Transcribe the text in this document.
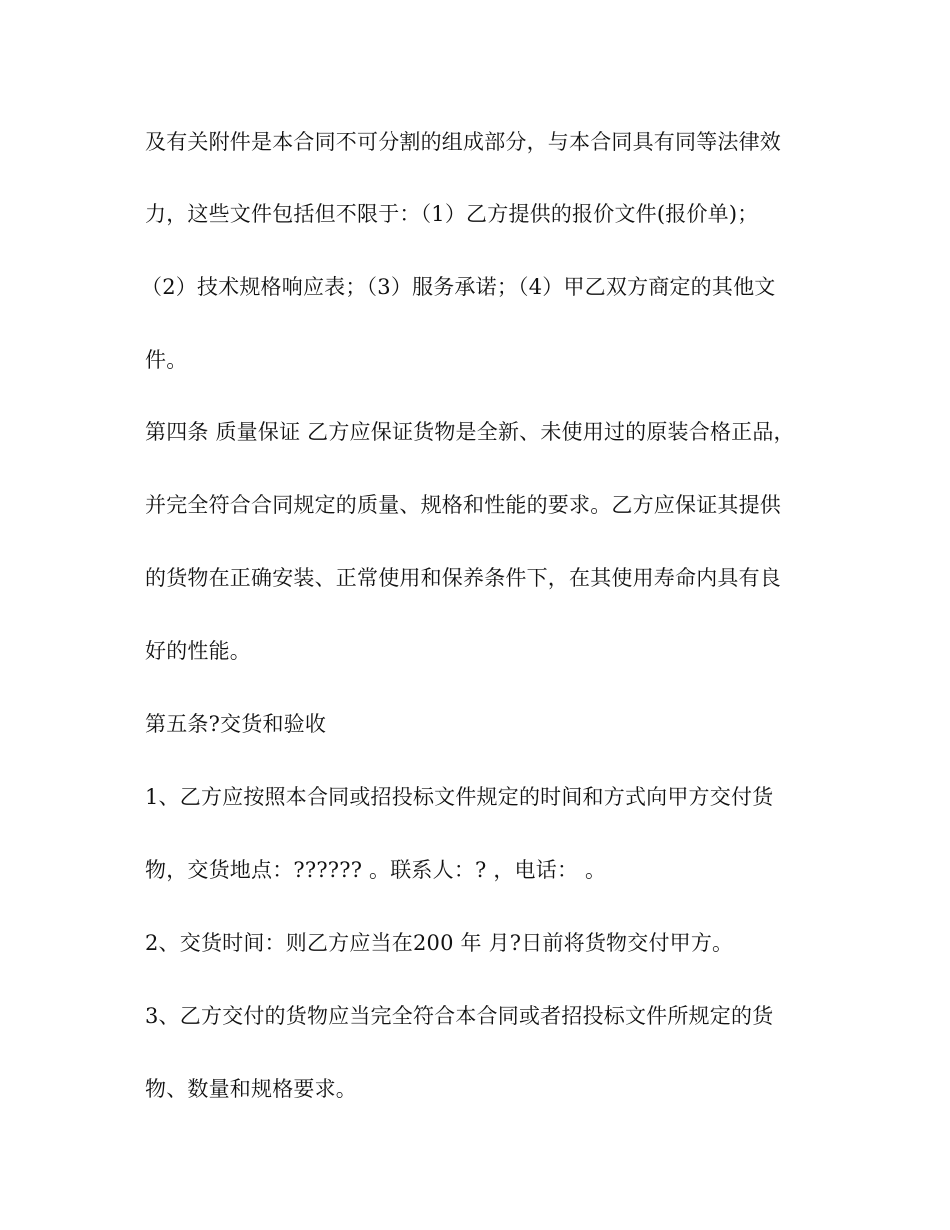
及有关附件是本合同不可分割的组成部分，与本合同具有同等法律效
力，这些文件包括但不限于：（1）乙方提供的报价文件(报价单)；
（2）技术规格响应表；（3）服务承诺；（4）甲乙双方商定的其他文
件。
第四条 质量保证 乙方应保证货物是全新、未使用过的原装合格正品，
并完全符合合同规定的质量、规格和性能的要求。乙方应保证其提供
的货物在正确安装、正常使用和保养条件下，在其使用寿命内具有良
好的性能。
第五条?交货和验收
1、乙方应按照本合同或招投标文件规定的时间和方式向甲方交付货
物，交货地点：?????? 。联系人：? ，电话： 。
2、交货时间：则乙方应当在200 年 月?日前将货物交付甲方。
3、乙方交付的货物应当完全符合本合同或者招投标文件所规定的货
物、数量和规格要求。
